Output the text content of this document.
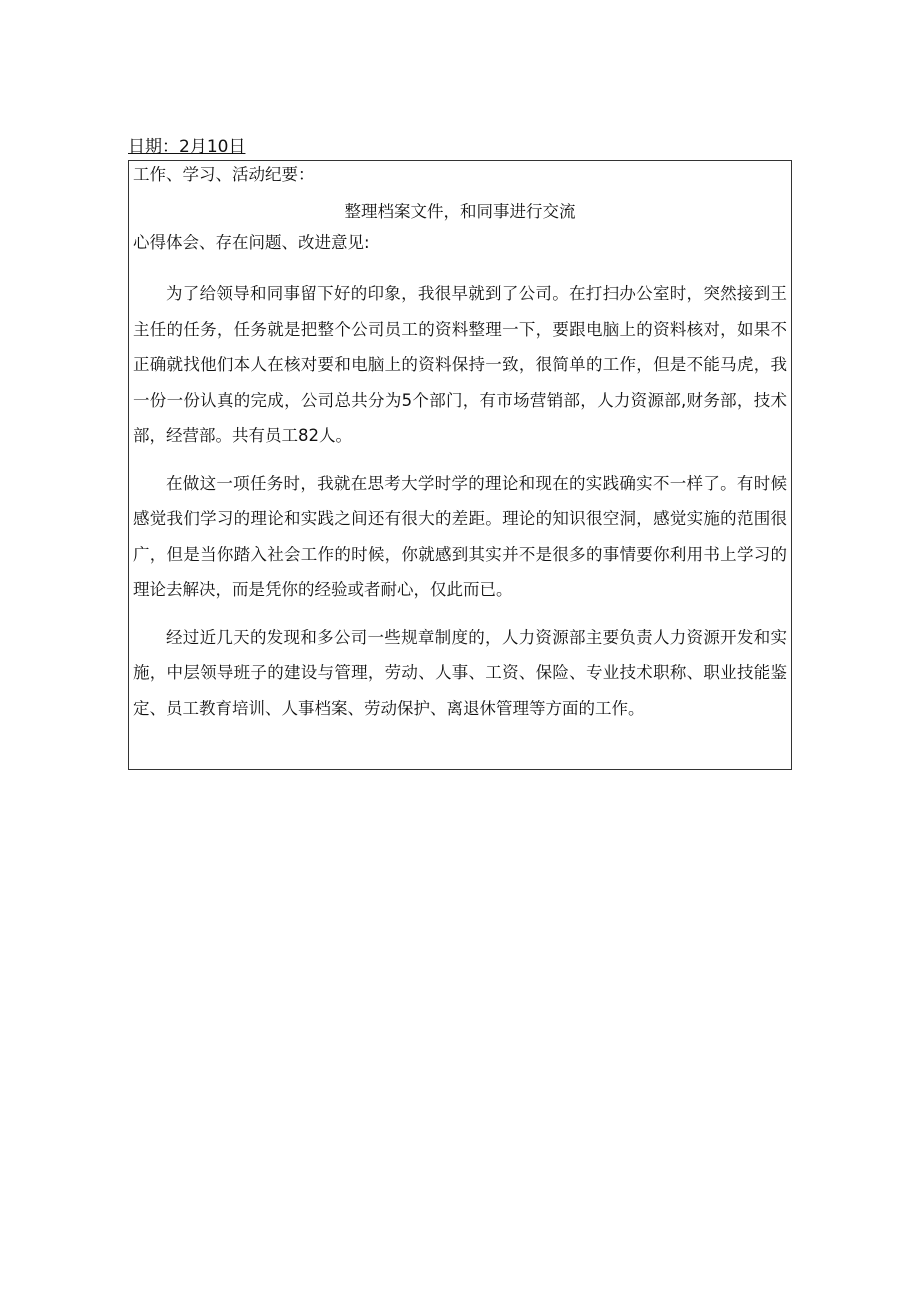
日期：2月10日
工作、学习、活动纪要：
整理档案文件，和同事进行交流
心得体会、存在问题、改进意见:

为了给领导和同事留下好的印象，我很早就到了公司。在打扫办公室时，突然接到王主任的任务，任务就是把整个公司员工的资料整理一下，要跟电脑上的资料核对，如果不正确就找他们本人在核对要和电脑上的资料保持一致，很简单的工作，但是不能马虎，我一份一份认真的完成，公司总共分为5个部门，有市场营销部，人力资源部,财务部，技术部，经营部。共有员工82人。

在做这一项任务时，我就在思考大学时学的理论和现在的实践确实不一样了。有时候感觉我们学习的理论和实践之间还有很大的差距。理论的知识很空洞，感觉实施的范围很广，但是当你踏入社会工作的时候，你就感到其实并不是很多的事情要你利用书上学习的理论去解决，而是凭你的经验或者耐心，仅此而已。

经过近几天的发现和多公司一些规章制度的，人力资源部主要负责人力资源开发和实施，中层领导班子的建设与管理，劳动、人事、工资、保险、专业技术职称、职业技能鉴定、员工教育培训、人事档案、劳动保护、离退休管理等方面的工作。
